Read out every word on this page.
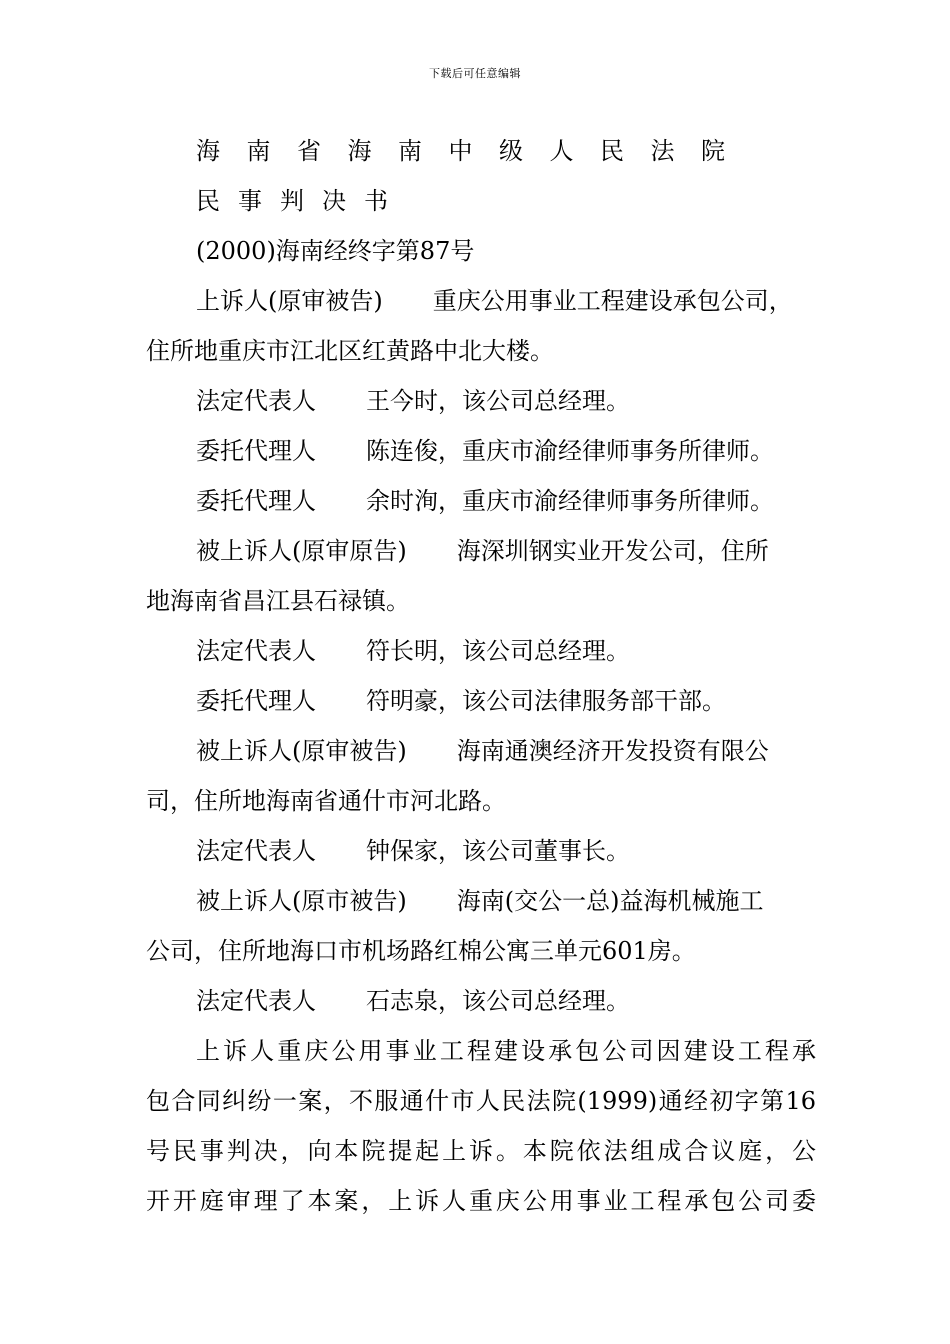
下载后可任意编辑
海南省海南中级人民法院
民事判决书
(2000)海南经终字第87号
上诉人(原审被告) 重庆公用事业工程建设承包公司，
住所地重庆市江北区红黄路中北大楼。
法定代表人 王今时，该公司总经理。
委托代理人 陈连俊，重庆市渝经律师事务所律师。
委托代理人 余时洵，重庆市渝经律师事务所律师。
被上诉人(原审原告) 海深圳钢实业开发公司，住所
地海南省昌江县石禄镇。
法定代表人 符长明，该公司总经理。
委托代理人 符明豪，该公司法律服务部干部。
被上诉人(原审被告) 海南通澳经济开发投资有限公
司，住所地海南省通什市河北路。
法定代表人 钟保家，该公司董事长。
被上诉人(原市被告) 海南(交公一总)益海机械施工
公司，住所地海口市机场路红棉公寓三单元601房。
法定代表人 石志泉，该公司总经理。
上诉人重庆公用事业工程建设承包公司因建设工程承
包合同纠纷一案，不服通什市人民法院(1999)通经初字第16
号民事判决，向本院提起上诉。本院依法组成合议庭，公
开开庭审理了本案，上诉人重庆公用事业工程承包公司委
